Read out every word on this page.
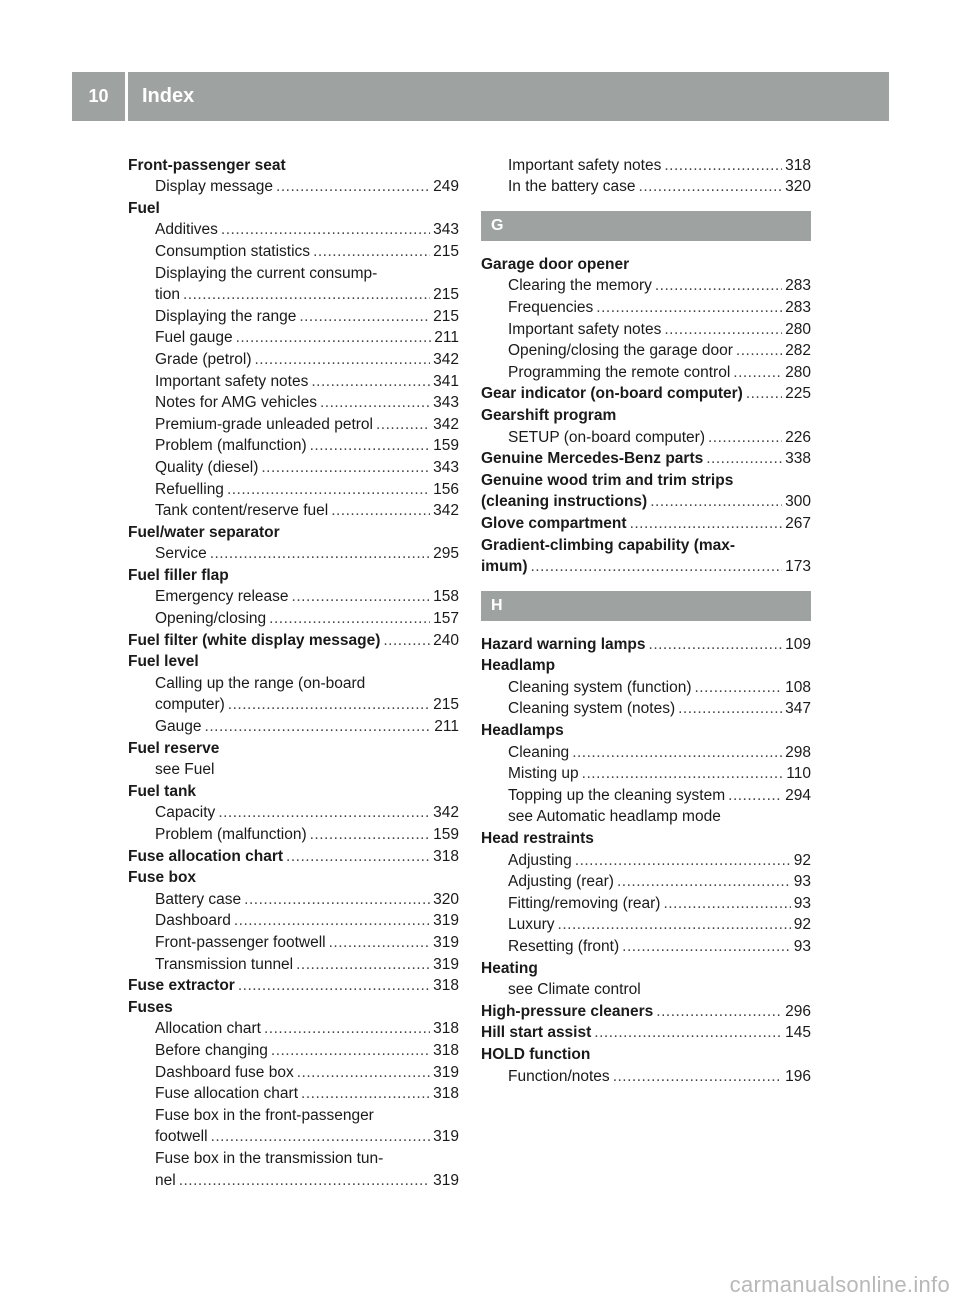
10	Index
Front-passenger seat
Display message .....	249
Fuel
Additives .....	343
Consumption statistics .....	215
Displaying the current consump-
tion .....	215
Displaying the range .....	215
Fuel gauge .....	211
Grade (petrol) .....	342
Important safety notes .....	341
Notes for AMG vehicles .....	343
Premium-grade unleaded petrol .....	342
Problem (malfunction) .....	159
Quality (diesel) .....	343
Refuelling .....	156
Tank content/reserve fuel .....	342
Fuel/water separator
Service .....	295
Fuel filler flap
Emergency release .....	158
Opening/closing .....	157
Fuel filter (white display message) .....	240
Fuel level
Calling up the range (on-board
computer) .....	215
Gauge .....	211
Fuel reserve
see Fuel
Fuel tank
Capacity .....	342
Problem (malfunction) .....	159
Fuse allocation chart .....	318
Fuse box
Battery case .....	320
Dashboard .....	319
Front-passenger footwell .....	319
Transmission tunnel .....	319
Fuse extractor .....	318
Fuses
Allocation chart .....	318
Before changing .....	318
Dashboard fuse box .....	319
Fuse allocation chart .....	318
Fuse box in the front-passenger
footwell .....	319
Fuse box in the transmission tun-
nel .....	319
Important safety notes .....	318
In the battery case .....	320
G
Garage door opener
Clearing the memory .....	283
Frequencies .....	283
Important safety notes .....	280
Opening/closing the garage door .....	282
Programming the remote control .....	280
Gear indicator (on-board computer) .....	225
Gearshift program
SETUP (on-board computer) .....	226
Genuine Mercedes-Benz parts .....	338
Genuine wood trim and trim strips
(cleaning instructions) .....	300
Glove compartment .....	267
Gradient-climbing capability (max-
imum) .....	173
H
Hazard warning lamps .....	109
Headlamp
Cleaning system (function) .....	108
Cleaning system (notes) .....	347
Headlamps
Cleaning .....	298
Misting up .....	110
Topping up the cleaning system .....	294
see Automatic headlamp mode
Head restraints
Adjusting .....	92
Adjusting (rear) .....	93
Fitting/removing (rear) .....	93
Luxury .....	92
Resetting (front) .....	93
Heating
see Climate control
High-pressure cleaners .....	296
Hill start assist .....	145
HOLD function
Function/notes .....	196
carmanualsonline.info
